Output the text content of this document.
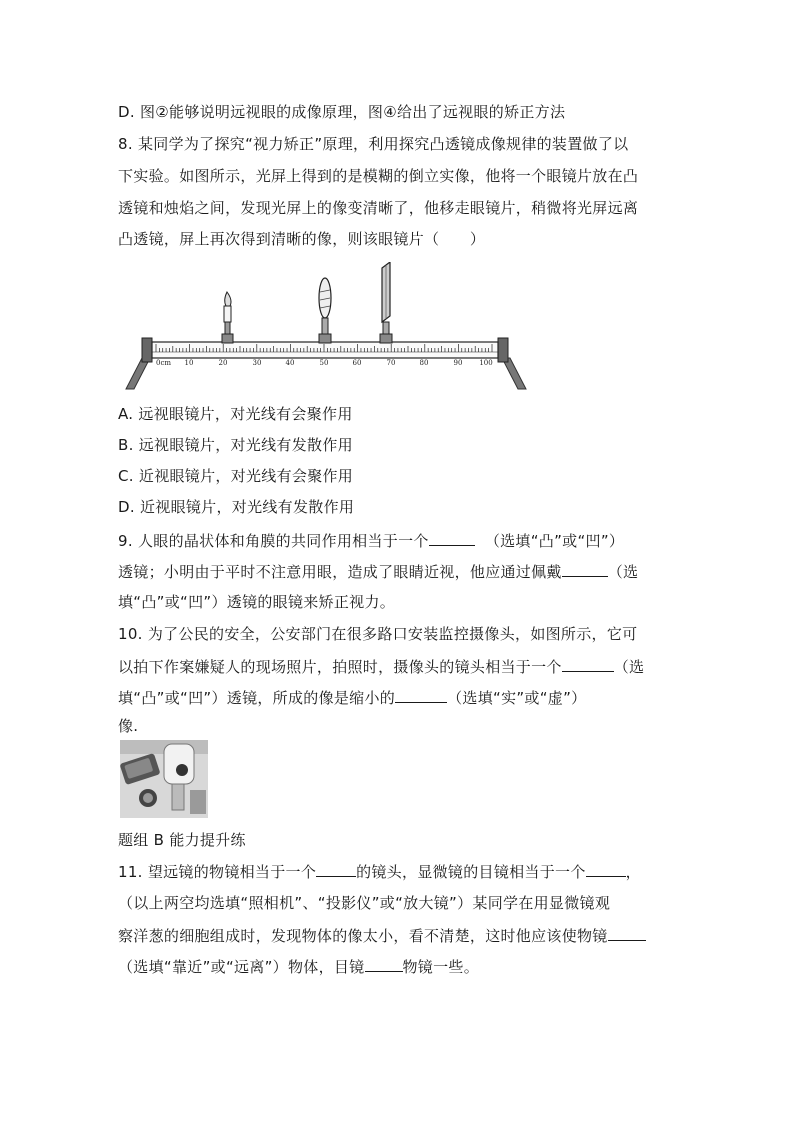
D. 图②能够说明远视眼的成像原理，图④给出了远视眼的矫正方法
8. 某同学为了探究“视力矫正”原理，利用探究凸透镜成像规律的装置做了以
下实验。如图所示，光屏上得到的是模糊的倒立实像，他将一个眼镜片放在凸
透镜和烛焰之间，发现光屏上的像变清晰了，他移走眼镜片，稍微将光屏远离
凸透镜，屏上再次得到清晰的像，则该眼镜片（　　）
0cm 10	20	30	40	50	60	70	80	90 100
A. 远视眼镜片，对光线有会聚作用
B. 远视眼镜片，对光线有发散作用
C. 近视眼镜片，对光线有会聚作用
D. 近视眼镜片，对光线有发散作用
9. 人眼的晶状体和角膜的共同作用相当于一个	（选填“凸”或“凹”）
透镜；小明由于平时不注意用眼，造成了眼睛近视，他应通过佩戴	（选
填“凸”或“凹”）透镜的眼镜来矫正视力。
10. 为了公民的安全，公安部门在很多路口安装监控摄像头，如图所示，它可
以拍下作案嫌疑人的现场照片，拍照时，摄像头的镜头相当于一个	（选
填“凸”或“凹”）透镜，所成的像是缩小的	（选填“实”或“虚”）
像.
题组 B 能力提升练
11. 望远镜的物镜相当于一个	的镜头，显微镜的目镜相当于一个	，
（以上两空均选填“照相机”、“投影仪”或“放大镜”）某同学在用显微镜观
察洋葱的细胞组成时，发现物体的像太小，看不清楚，这时他应该使物镜
（选填“靠近”或“远离”）物体，目镜	物镜一些。
